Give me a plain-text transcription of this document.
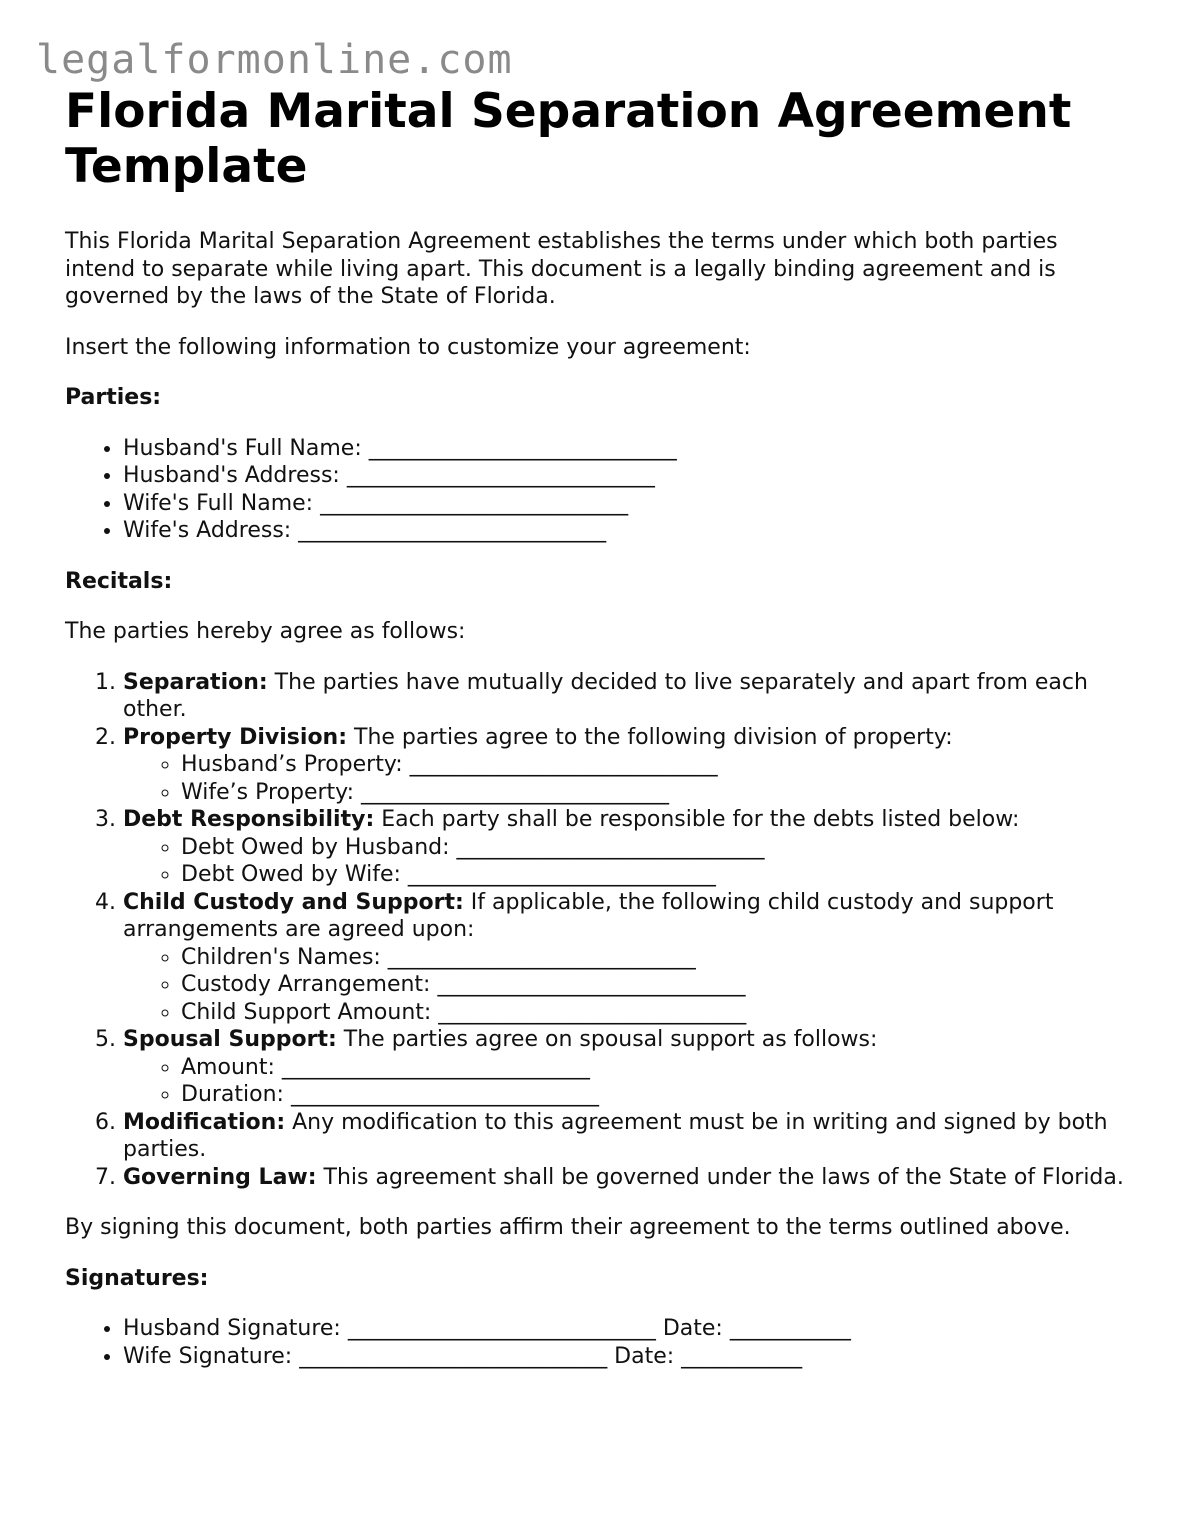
legalformonline.com
Florida Marital Separation Agreement Template

This Florida Marital Separation Agreement establishes the terms under which both parties intend to separate while living apart. This document is a legally binding agreement and is governed by the laws of the State of Florida.

Insert the following information to customize your agreement:

Parties:

• Husband's Full Name: ____________________________
• Husband's Address: ____________________________
• Wife's Full Name: ____________________________
• Wife's Address: ____________________________

Recitals:

The parties hereby agree as follows:

1. Separation: The parties have mutually decided to live separately and apart from each other.
2. Property Division: The parties agree to the following division of property:
◦ Husband’s Property: ____________________________
◦ Wife’s Property: ____________________________
3. Debt Responsibility: Each party shall be responsible for the debts listed below:
◦ Debt Owed by Husband: ____________________________
◦ Debt Owed by Wife: ____________________________
4. Child Custody and Support: If applicable, the following child custody and support arrangements are agreed upon:
◦ Children's Names: ____________________________
◦ Custody Arrangement: ____________________________
◦ Child Support Amount: ____________________________
5. Spousal Support: The parties agree on spousal support as follows:
◦ Amount: ____________________________
◦ Duration: ____________________________
6. Modification: Any modification to this agreement must be in writing and signed by both parties.
7. Governing Law: This agreement shall be governed under the laws of the State of Florida.

By signing this document, both parties affirm their agreement to the terms outlined above.

Signatures:

• Husband Signature: ____________________________ Date: ___________
• Wife Signature: ____________________________ Date: ___________
